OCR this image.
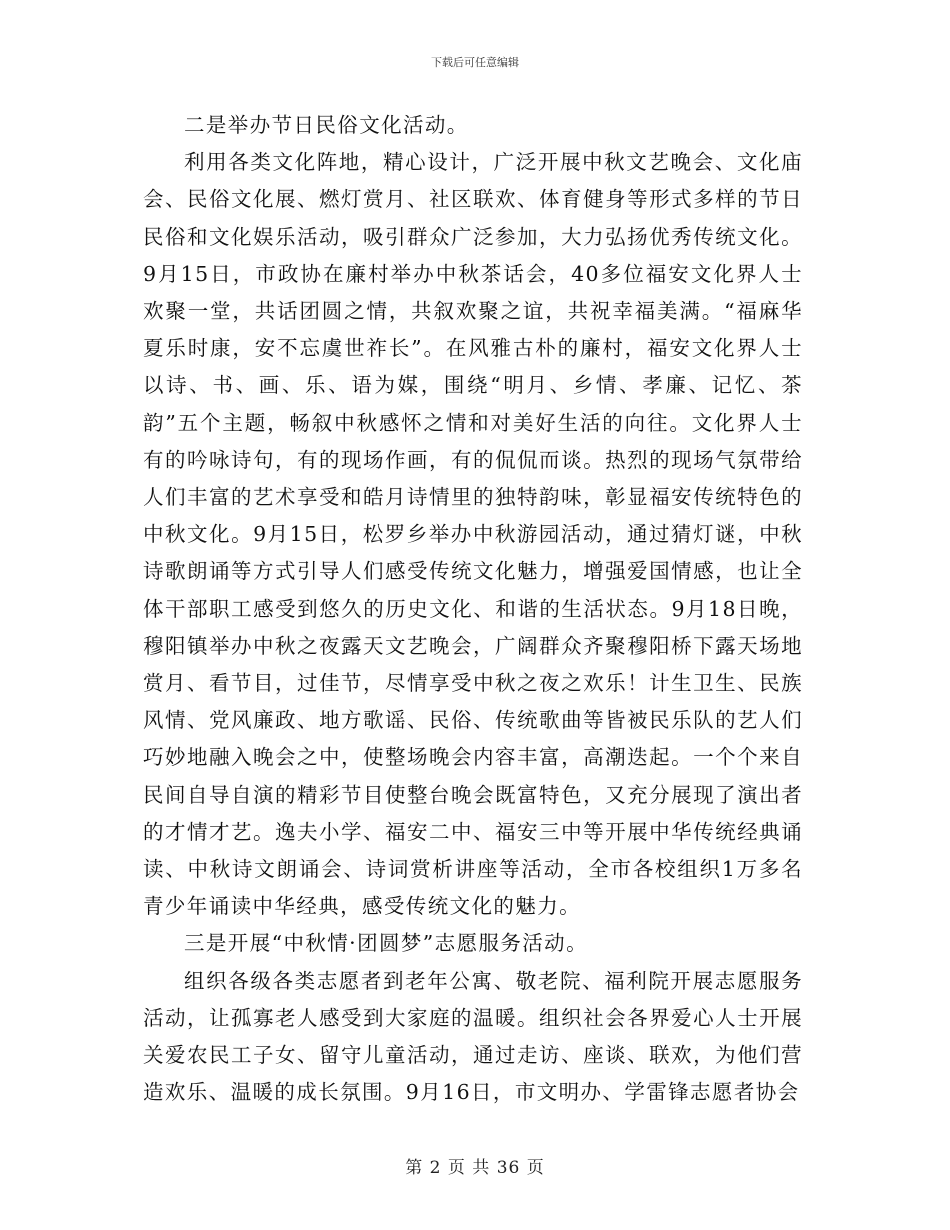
下载后可任意编辑

二是举办节日民俗文化活动。

利用各类文化阵地，精心设计，广泛开展中秋文艺晚会、文化庙会、民俗文化展、燃灯赏月、社区联欢、体育健身等形式多样的节日民俗和文化娱乐活动，吸引群众广泛参加，大力弘扬优秀传统文化。9月15日，市政协在廉村举办中秋茶话会，40多位福安文化界人士欢聚一堂，共话团圆之情，共叙欢聚之谊，共祝幸福美满。“福麻华夏乐时康，安不忘虞世祚长”。在风雅古朴的廉村，福安文化界人士以诗、书、画、乐、语为媒，围绕“明月、乡情、孝廉、记忆、茶韵”五个主题，畅叙中秋感怀之情和对美好生活的向往。文化界人士有的吟咏诗句，有的现场作画，有的侃侃而谈。热烈的现场气氛带给人们丰富的艺术享受和皓月诗情里的独特韵味，彰显福安传统特色的中秋文化。9月15日，松罗乡举办中秋游园活动，通过猜灯谜，中秋诗歌朗诵等方式引导人们感受传统文化魅力，增强爱国情感，也让全体干部职工感受到悠久的历史文化、和谐的生活状态。9月18日晚，穆阳镇举办中秋之夜露天文艺晚会，广阔群众齐聚穆阳桥下露天场地赏月、看节目，过佳节，尽情享受中秋之夜之欢乐！计生卫生、民族风情、党风廉政、地方歌谣、民俗、传统歌曲等皆被民乐队的艺人们巧妙地融入晚会之中，使整场晚会内容丰富，高潮迭起。一个个来自民间自导自演的精彩节目使整台晚会既富特色，又充分展现了演出者的才情才艺。逸夫小学、福安二中、福安三中等开展中华传统经典诵读、中秋诗文朗诵会、诗词赏析讲座等活动，全市各校组织1万多名青少年诵读中华经典，感受传统文化的魅力。

三是开展“中秋情·团圆梦”志愿服务活动。

组织各级各类志愿者到老年公寓、敬老院、福利院开展志愿服务活动，让孤寡老人感受到大家庭的温暖。组织社会各界爱心人士开展关爱农民工子女、留守儿童活动，通过走访、座谈、联欢，为他们营造欢乐、温暖的成长氛围。9月16日，市文明办、学雷锋志愿者协会

第 2 页 共 36 页
